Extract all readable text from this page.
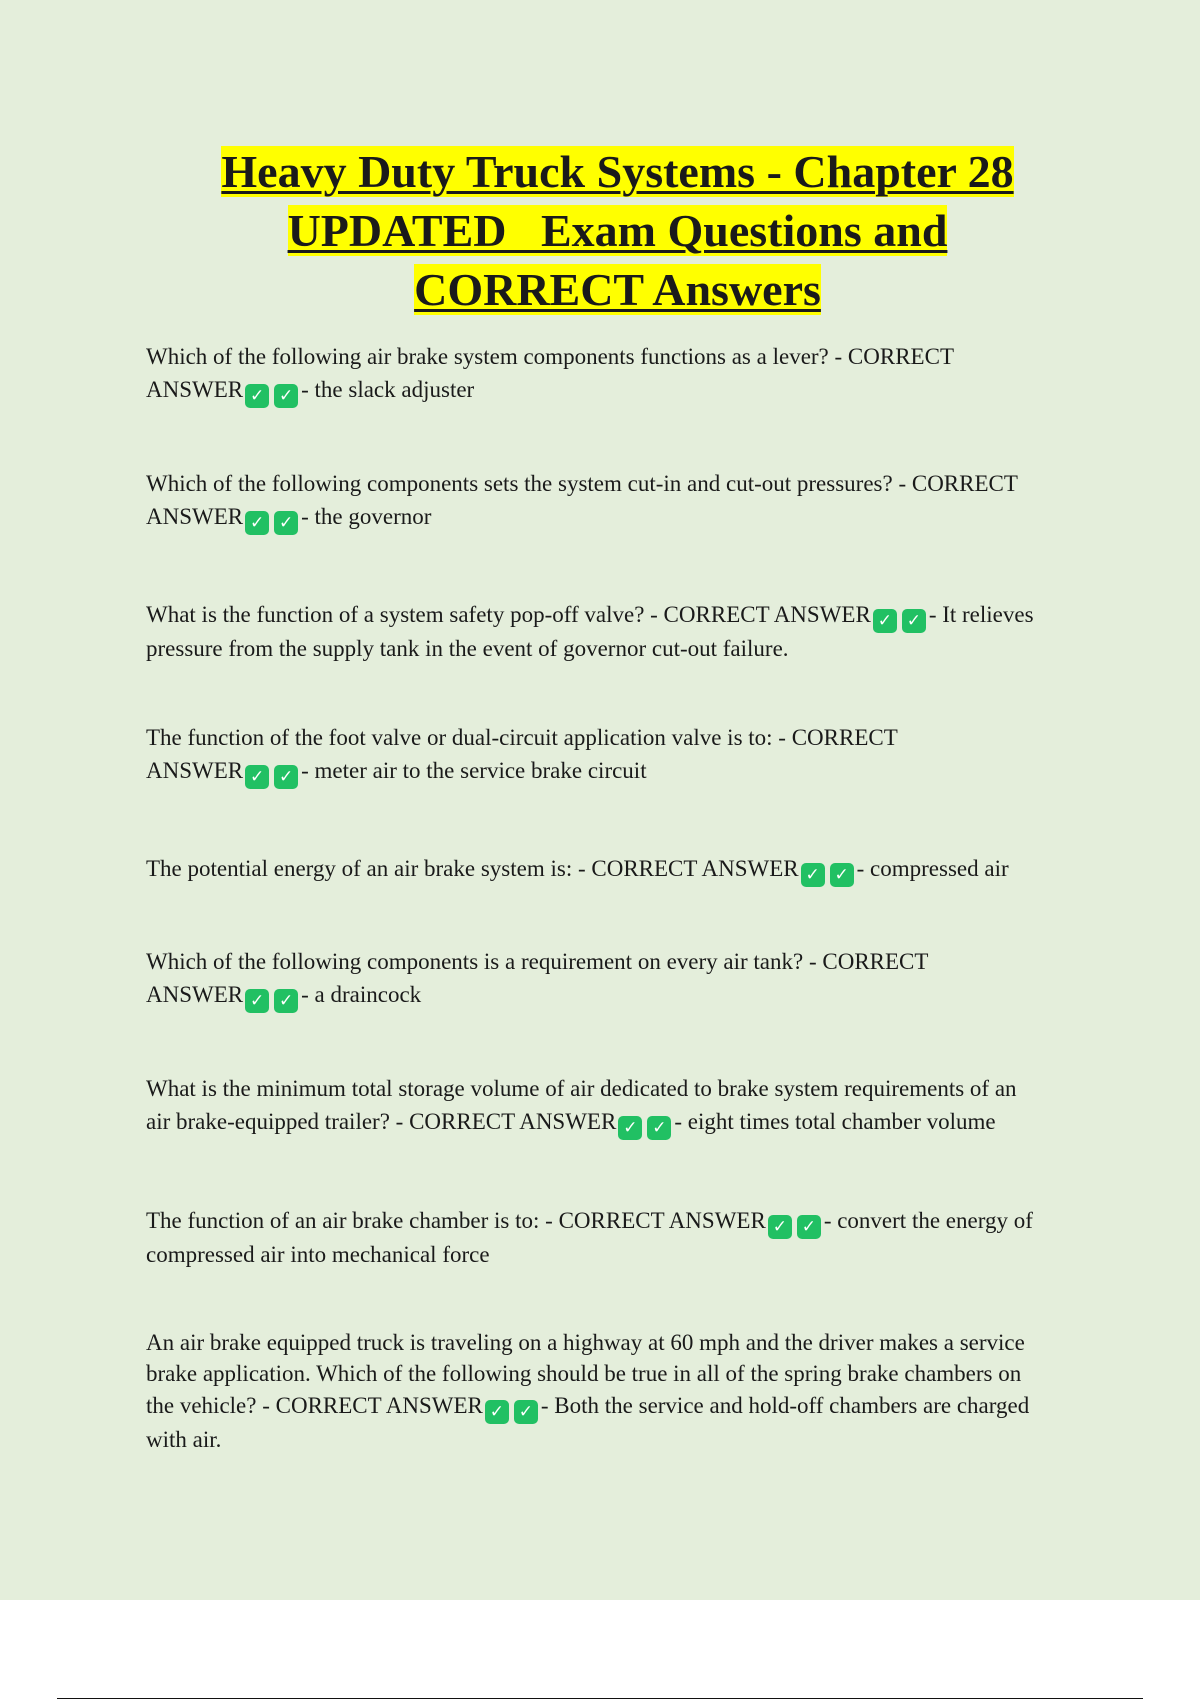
Heavy Duty Truck Systems - Chapter 28
UPDATED   Exam Questions and
CORRECT Answers
Which of the following air brake system components functions as a lever? - CORRECT
ANSWER ✓ ✓	- the slack adjuster
Which of the following components sets the system cut-in and cut-out pressures? - CORRECT
ANSWER ✓ ✓	- the governor
What is the function of a system safety pop-off valve? - CORRECT ANSWER ✓ ✓	- It relieves
pressure from the supply tank in the event of governor cut-out failure.
The function of the foot valve or dual-circuit application valve is to: - CORRECT
ANSWER ✓ ✓	- meter air to the service brake circuit
The potential energy of an air brake system is: - CORRECT ANSWER ✓ ✓	- compressed air
Which of the following components is a requirement on every air tank? - CORRECT
ANSWER ✓ ✓	- a draincock
What is the minimum total storage volume of air dedicated to brake system requirements of an
air brake-equipped trailer? - CORRECT ANSWER ✓ ✓	- eight times total chamber volume
The function of an air brake chamber is to: - CORRECT ANSWER ✓ ✓	- convert the energy of
compressed air into mechanical force
An air brake equipped truck is traveling on a highway at 60 mph and the driver makes a service
brake application. Which of the following should be true in all of the spring brake chambers on
the vehicle? - CORRECT ANSWER ✓ ✓	- Both the service and hold-off chambers are charged
with air.
